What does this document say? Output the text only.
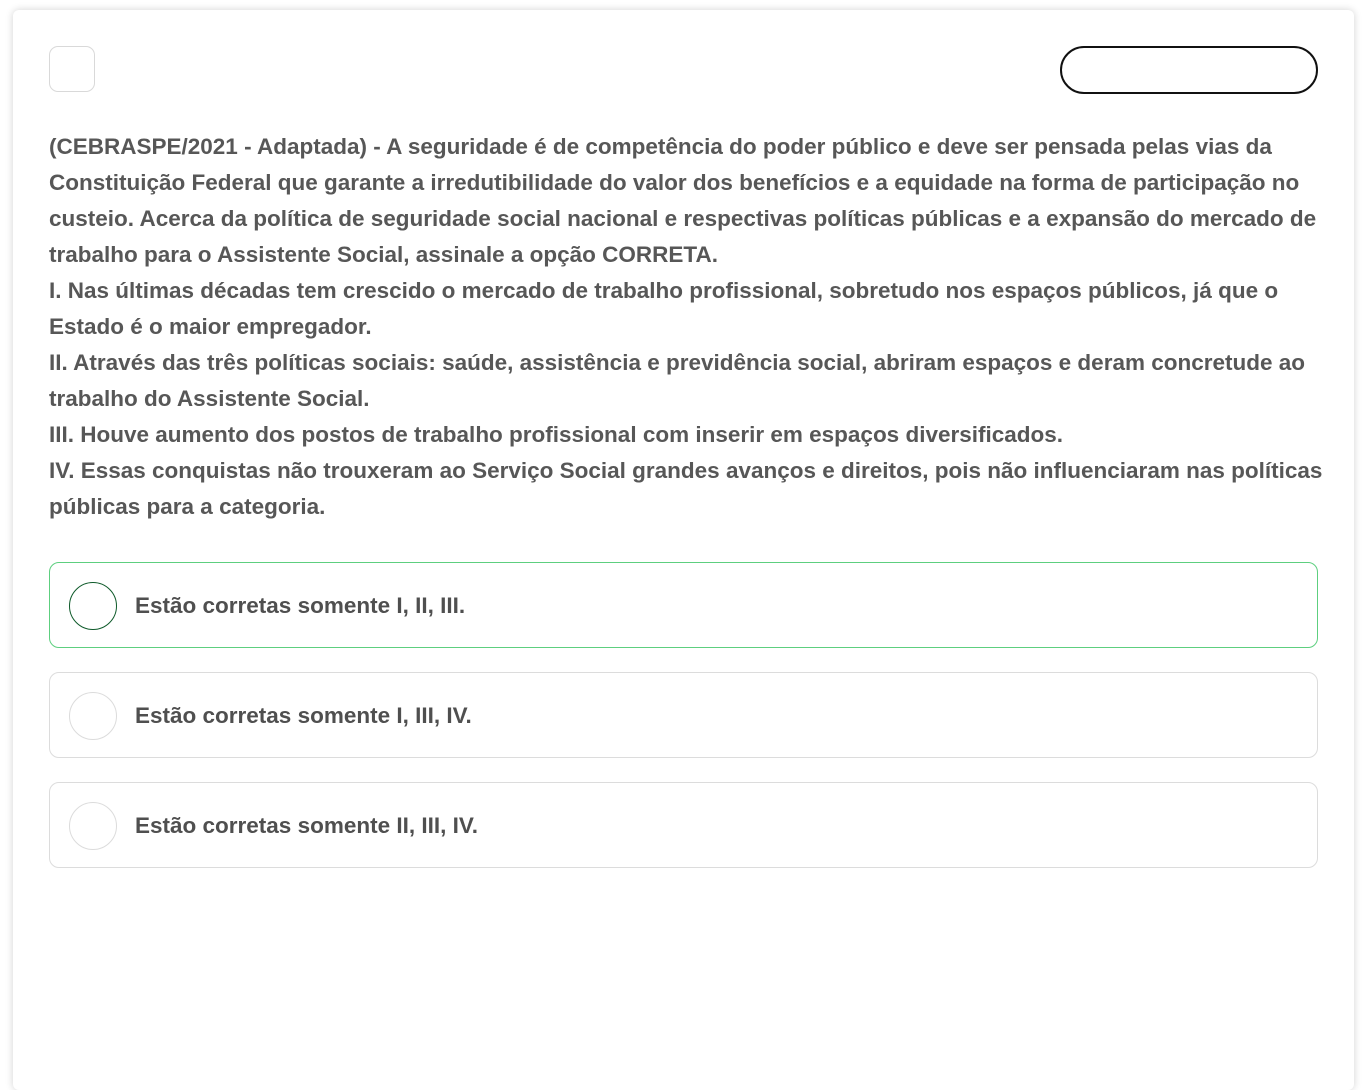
(CEBRASPE/2021 - Adaptada) - A seguridade é de competência do poder público e deve ser pensada pelas vias da Constituição Federal que garante a irredutibilidade do valor dos benefícios e a equidade na forma de participação no custeio. Acerca da política de seguridade social nacional e respectivas políticas públicas e a expansão do mercado de trabalho para o Assistente Social, assinale a opção CORRETA.

I. Nas últimas décadas tem crescido o mercado de trabalho profissional, sobretudo nos espaços públicos, já que o Estado é o maior empregador.

II. Através das três políticas sociais: saúde, assistência e previdência social, abriram espaços e deram concretude ao trabalho do Assistente Social.

III. Houve aumento dos postos de trabalho profissional com inserir em espaços diversificados.

IV. Essas conquistas não trouxeram ao Serviço Social grandes avanços e direitos, pois não influenciaram nas políticas públicas para a categoria.

Estão corretas somente I, II, III.
Estão corretas somente I, III, IV.
Estão corretas somente II, III, IV.
